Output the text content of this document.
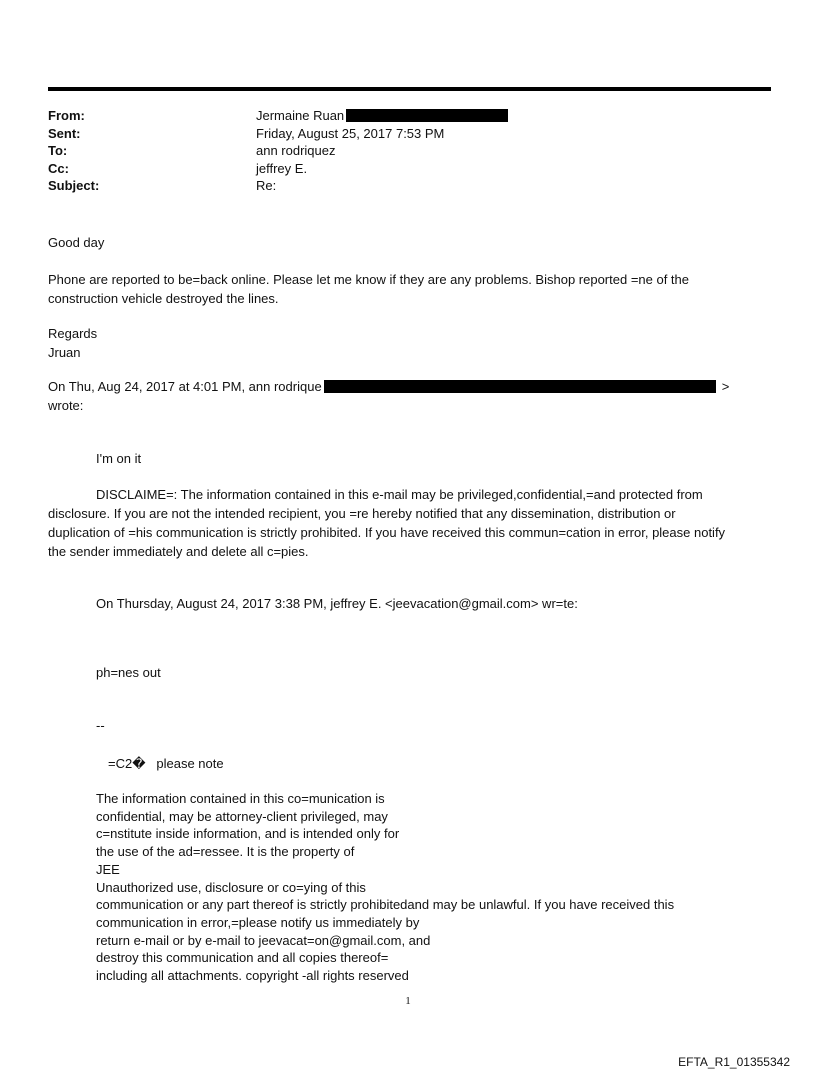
From:	Jermaine Ruan
Sent:	Friday, August 25, 2017 7:53 PM
To:	ann rodriquez
Cc:	jeffrey E.
Subject:	Re:
Good day
Phone are reported to be=back online. Please let me know if they are any problems. Bishop reported =ne of the
construction vehicle destroyed the lines.
Regards
Jruan
On Thu, Aug 24, 2017 at 4:01 PM, ann rodrique	>
wrote:
I'm on it
DISCLAIME=: The information contained in this e-mail may be privileged,confidential,=and protected from
disclosure. If you are not the intended recipient, you =re hereby notified that any dissemination, distribution or
duplication of =his communication is strictly prohibited. If you have received this commun=cation in error, please notify
the sender immediately and delete all c=pies.
On Thursday, August 24, 2017 3:38 PM, jeffrey E. <jeevacation@gmail.com> wr=te:
ph=nes out
--
=C2�   please note
The information contained in this co=munication is
confidential, may be attorney-client privileged, may
c=nstitute inside information, and is intended only for
the use of the ad=ressee. It is the property of
JEE
Unauthorized use, disclosure or co=ying of this
communication or any part thereof is strictly prohibitedand may be unlawful. If you have received this
communication in error,=please notify us immediately by
return e-mail or by e-mail to jeevacat=on@gmail.com, and
destroy this communication and all copies thereof=
including all attachments. copyright -all rights reserved
1
EFTA_R1_01355342
